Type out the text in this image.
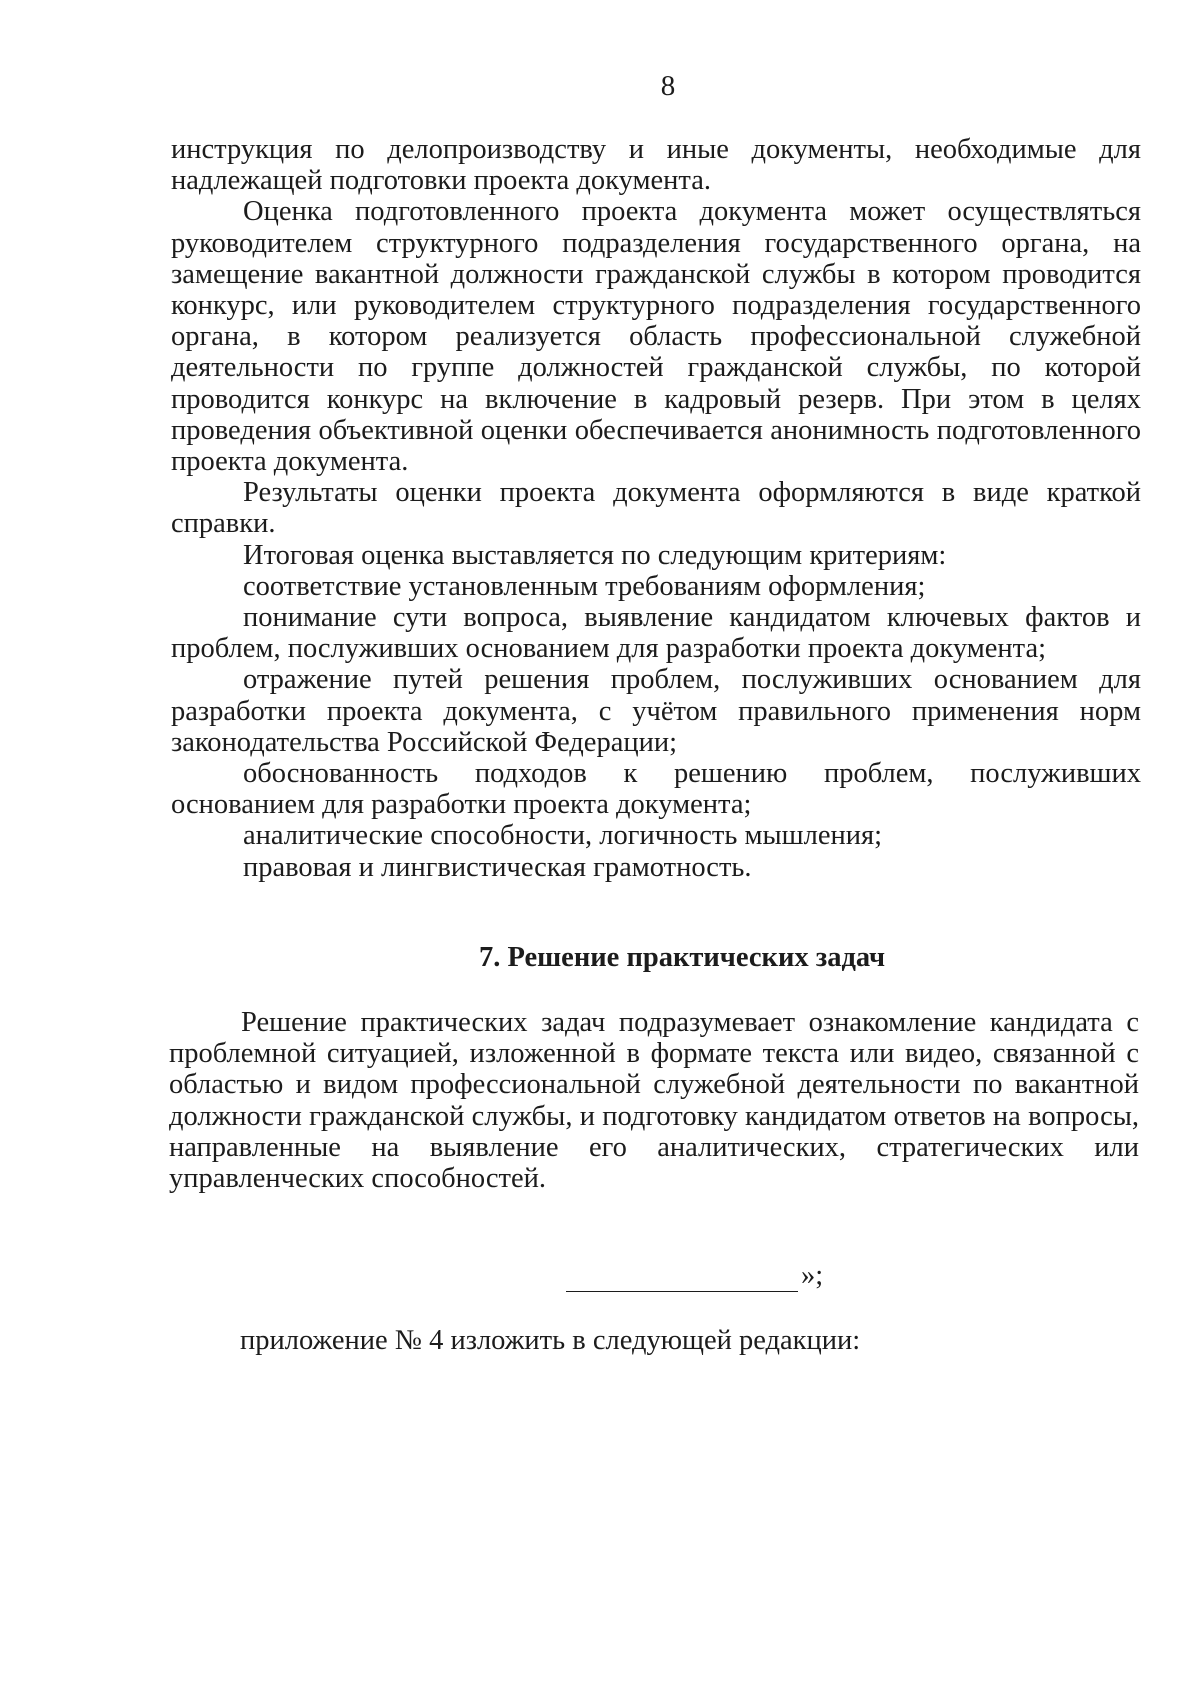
8

инструкция по делопроизводству и иные документы, необходимые для надлежащей подготовки проекта документа.

Оценка подготовленного проекта документа может осуществляться руководителем структурного подразделения государственного органа, на замещение вакантной должности гражданской службы в котором проводится конкурс, или руководителем структурного подразделения государственного органа, в котором реализуется область профессиональной служебной деятельности по группе должностей гражданской службы, по которой проводится конкурс на включение в кадровый резерв. При этом в целях проведения объективной оценки обеспечивается анонимность подготовленного проекта документа.

Результаты оценки проекта документа оформляются в виде краткой справки.

Итоговая оценка выставляется по следующим критериям:

соответствие установленным требованиям оформления;

понимание сути вопроса, выявление кандидатом ключевых фактов и проблем, послуживших основанием для разработки проекта документа;

отражение путей решения проблем, послуживших основанием для разработки проекта документа, с учётом правильного применения норм законодательства Российской Федерации;

обоснованность подходов к решению проблем, послуживших основанием для разработки проекта документа;

аналитические способности, логичность мышления;

правовая и лингвистическая грамотность.

7. Решение практических задач

Решение практических задач подразумевает ознакомление кандидата с проблемной ситуацией, изложенной в формате текста или видео, связанной с областью и видом профессиональной служебной деятельности по вакантной должности гражданской службы, и подготовку кандидатом ответов на вопросы, направленные на выявление его аналитических, стратегических или управленческих способностей.

»;
приложение № 4 изложить в следующей редакции:
